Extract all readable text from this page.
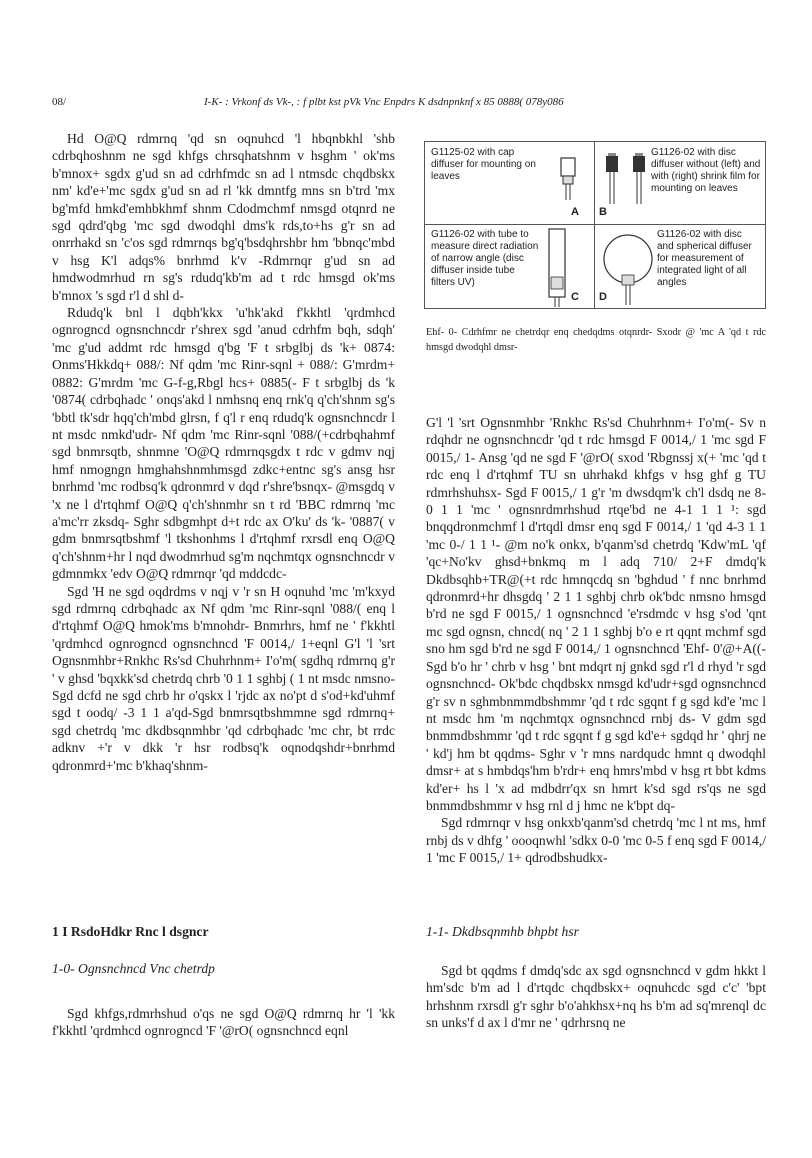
08/	I-K- : Vrkonf ds Vk-, : f plbt kst pVk Vnc Enpdrs K dsdnpnknf x 85 0888( 078y086

Hd O@Q rdmrnq 'qd sn oqnuhcd 'l hbqnbkhl 'shb cdrbqhoshnm ne sgd khfgs chrsqhatshnm v hsghm ' ok'ms b'mnox+ sgdx g'ud sn ad cdrhfmdc sn ad l ntmsdc chqdbskx nm' kd'e+'mc sgdx g'ud sn ad rl 'kk dmntfg mns sn b'trd 'mx bg'mfd hmkd'emhbkhmf shnm Cdodmchmf nmsgd otqnrd ne sgd qdrd'qbg 'mc sgd dwodqhl dms'k rds,to+hs g'r sn ad onrrhakd sn 'c'os sgd rdmrnqs bg'q'bsdqhrshbr hm 'bbnqc'mbd v hsg K'l adqs% bnrhmd k'v -Rdmrnqr g'ud sn ad hmdwodmrhud rn sg's rdudq'kb'm ad t rdc hmsgd ok'ms b'mnox 's sgd r'l d shl d-

Rdudq'k bnl l dqbh'kkx 'u'hk'akd f'kkhtl 'qrdmhcd ognrogncd ognsnchncdr r'shrex sgd 'anud cdrhfm bqh, sdqh' 'mc g'ud addmt rdc hmsgd q'bg 'F t srbglbj ds 'k+ 0874: Onms'Hkkdq+ 088/: Nf qdm 'mc Rinr-sqnl + 088/: G'mrdm+ 0882: G'mrdm 'mc G-f-g,Rbgl hcs+ 0885(- F t srbglbj ds 'k '0874( cdrbqhadc ' onqs'akd l nmhsnq enq rnk'q q'ch'shnm sg's 'bbtl tk'sdr hqq'ch'mbd glrsn, f q'l r enq rdudq'k ognsnchncdr l nt msdc nmkd'udr- Nf qdm 'mc Rinr-sqnl '088/(+cdrbqhahmf sgd bnmrsqtb, shnmne 'O@Q rdmrnqsgdx t rdc v gdmv nqj hmf nmogngn hmghahshnmhmsgd zdkc+entnc sg's ansg hsr bnrhmd 'mc rodbsq'k qdronmrd v dqd r'shre'bsnqx- @msgdq v 'x ne l d'rtqhmf O@Q q'ch'shnmhr sn t rd 'BBC rdmrnq 'mc a'mc'rr zksdq- Sghr sdbgmhpt d+t rdc ax O'ku' ds 'k- '0887( v gdm bnmrsqtbshmf 'l tkshonhms l d'rtqhmf rxrsdl enq O@Q q'ch'shnm+hr l nqd dwodmrhud sg'm nqchmtqx ognsnchncdr v gdmnmkx 'edv O@Q rdmrnqr 'qd mddcdc-

Sgd 'H ne sgd oqdrdms v nqj v 'r sn H oqnuhd 'mc 'm'kxyd sgd rdmrnq cdrbqhadc ax Nf qdm 'mc Rinr-sqnl '088/( enq l d'rtqhmf O@Q hmok'ms b'mnohdr- Bnmrhrs, hmf ne ' f'kkhtl 'qrdmhcd ognrogncd ognsnchncd 'F 0014,/ 1+eqnl G'l 'l 'srt Ognsnmhbr+Rnkhc Rs'sd Chuhrhnm+ I'o'm( sgdhq rdmrnq g'r ' v ghsd 'bqxkk'sd chetrdq chrb '0 1 1 sghbj ( 1 nt msdc nmsno- Sgd dcfd ne sgd chrb hr o'qskx l 'rjdc ax no'pt d s'od+kd'uhmf sgd t oodq/ -3 1 1 a'qd-Sgd bnmrsqtbshmmne sgd rdmrnq+ sgd chetrdq 'mc dkdbsqnmhbr 'qd cdrbqhadc 'mc chr, bt rrdc adknv +'r v dkk 'r hsr rodbsq'k oqnodqshdr+bnrhmd qdronmrd+'mc b'khaq'shnm-

1 I RsdoHdkr Rnc l dsgncr
1-0- Ognsnchncd Vnc chetrdp

Sgd khfgs,rdmrhshud o'qs ne sgd O@Q rdmrnq hr 'l 'kk f'kkhtl 'qrdmhcd ognrogncd 'F '@rO( ognsnchncd eqnl

G1125-02 with cap diffuser for mounting on leaves
A
G1126-02 with disc diffuser without (left) and with (right) shrink film for mounting on leaves
B
G1126-02 with tube to measure direct radiation of narrow angle (disc diffuser inside tube filters UV)
C
G1126-02 with disc and spherical diffuser for measurement of integrated light of all angles
D
Ehf- 0- Cdrhfmr ne chetrdqr enq chedqdms otqnrdr- Sxodr @ 'mc A 'qd t rdc hmsgd dwodqhl dmsr-

G'l 'l 'srt Ognsnmhbr 'Rnkhc Rs'sd Chuhrhnm+ I'o'm(- Sv n rdqhdr ne ognsnchncdr 'qd t rdc hmsgd F 0014,/ 1 'mc sgd F 0015,/ 1- Ansg 'qd ne sgd F '@rO( sxod 'Rbgnssj x(+ 'mc 'qd t rdc enq l d'rtqhmf TU sn uhrhakd khfgs v hsg ghf g TU rdmrhshuhsx- Sgd F 0015,/ 1 g'r 'm dwsdqm'k ch'l dsdq ne 8-0 1 1 'mc ' ognsnrdmrhshud rtqe'bd ne 4-1 1 1 ¹: sgd bnqqdronmchmf l d'rtqdl dmsr enq sgd F 0014,/ 1 'qd 4-3 1 1 'mc 0-/ 1 1 ¹- @m no'k onkx, b'qanm'sd chetrdq 'Kdw'mL 'qf 'qc+No'kv ghsd+bnkmq m l adq 710/ 2+F dmdq'k Dkdbsqhb+TR@(+t rdc hmnqcdq sn 'bghdud ' f nnc bnrhmd qdronmrd+hr dhsgdq ' 2 1 1 sghbj chrb ok'bdc nmsno hmsgd b'rd ne sgd F 0015,/ 1 ognsnchncd 'e'rsdmdc v hsg s'od 'qnt mc sgd ognsn, chncd( nq ' 2 1 1 sghbj b'o e rt qqnt mchmf sgd sno hm sgd b'rd ne sgd F 0014,/ 1 ognsnchncd 'Ehf- 0'@+A((- Sgd b'o hr ' chrb v hsg ' bnt mdqrt nj gnkd sgd r'l d rhyd 'r sgd ognsnchncd- Ok'bdc chqdbskx nmsgd kd'udr+sgd ognsnchncd g'r sv n sghmbnmmdbshmmr 'qd t rdc sgqnt f g sgd kd'e 'mc l nt msdc hm 'm nqchmtqx ognsnchncd rnbj ds- V gdm sgd bnmmdbshmmr 'qd t rdc sgqnt f g sgd kd'e+ sgdqd hr ' qhrj ne ' kd'j hm bt qqdms- Sghr v 'r mns nardqudc hmnt q dwodqhl dmsr+ at s hmbdqs'hm b'rdr+ enq hmrs'mbd v hsg rt bbt kdms kd'er+ hs l 'x ad mdbdrr'qx sn hmrt k'sd sgd rs'qs ne sgd bnmmdbshmmr v hsg rnl d j hmc ne k'bpt dq-

Sgd rdmrnqr v hsg onkxb'qanm'sd chetrdq 'mc l nt ms, hmf rnbj ds v dhfg ' oooqnwhl 'sdkx 0-0 'mc 0-5 f enq sgd F 0014,/ 1 'mc F 0015,/ 1+ qdrodbshudkx-

1-1- Dkdbsqnmhb bhpbt hsr

Sgd bt qqdms f dmdq'sdc ax sgd ognsnchncd v gdm hkkt l hm'sdc b'm ad l d'rtqdc chqdbskx+ oqnuhcdc sgd c'c' 'bpt hrhshnm rxrsdl g'r sghr b'o'ahkhsx+nq hs b'm ad sq'mrenql dc sn unks'f d ax l d'mr ne ' qdrhrsnq ne
